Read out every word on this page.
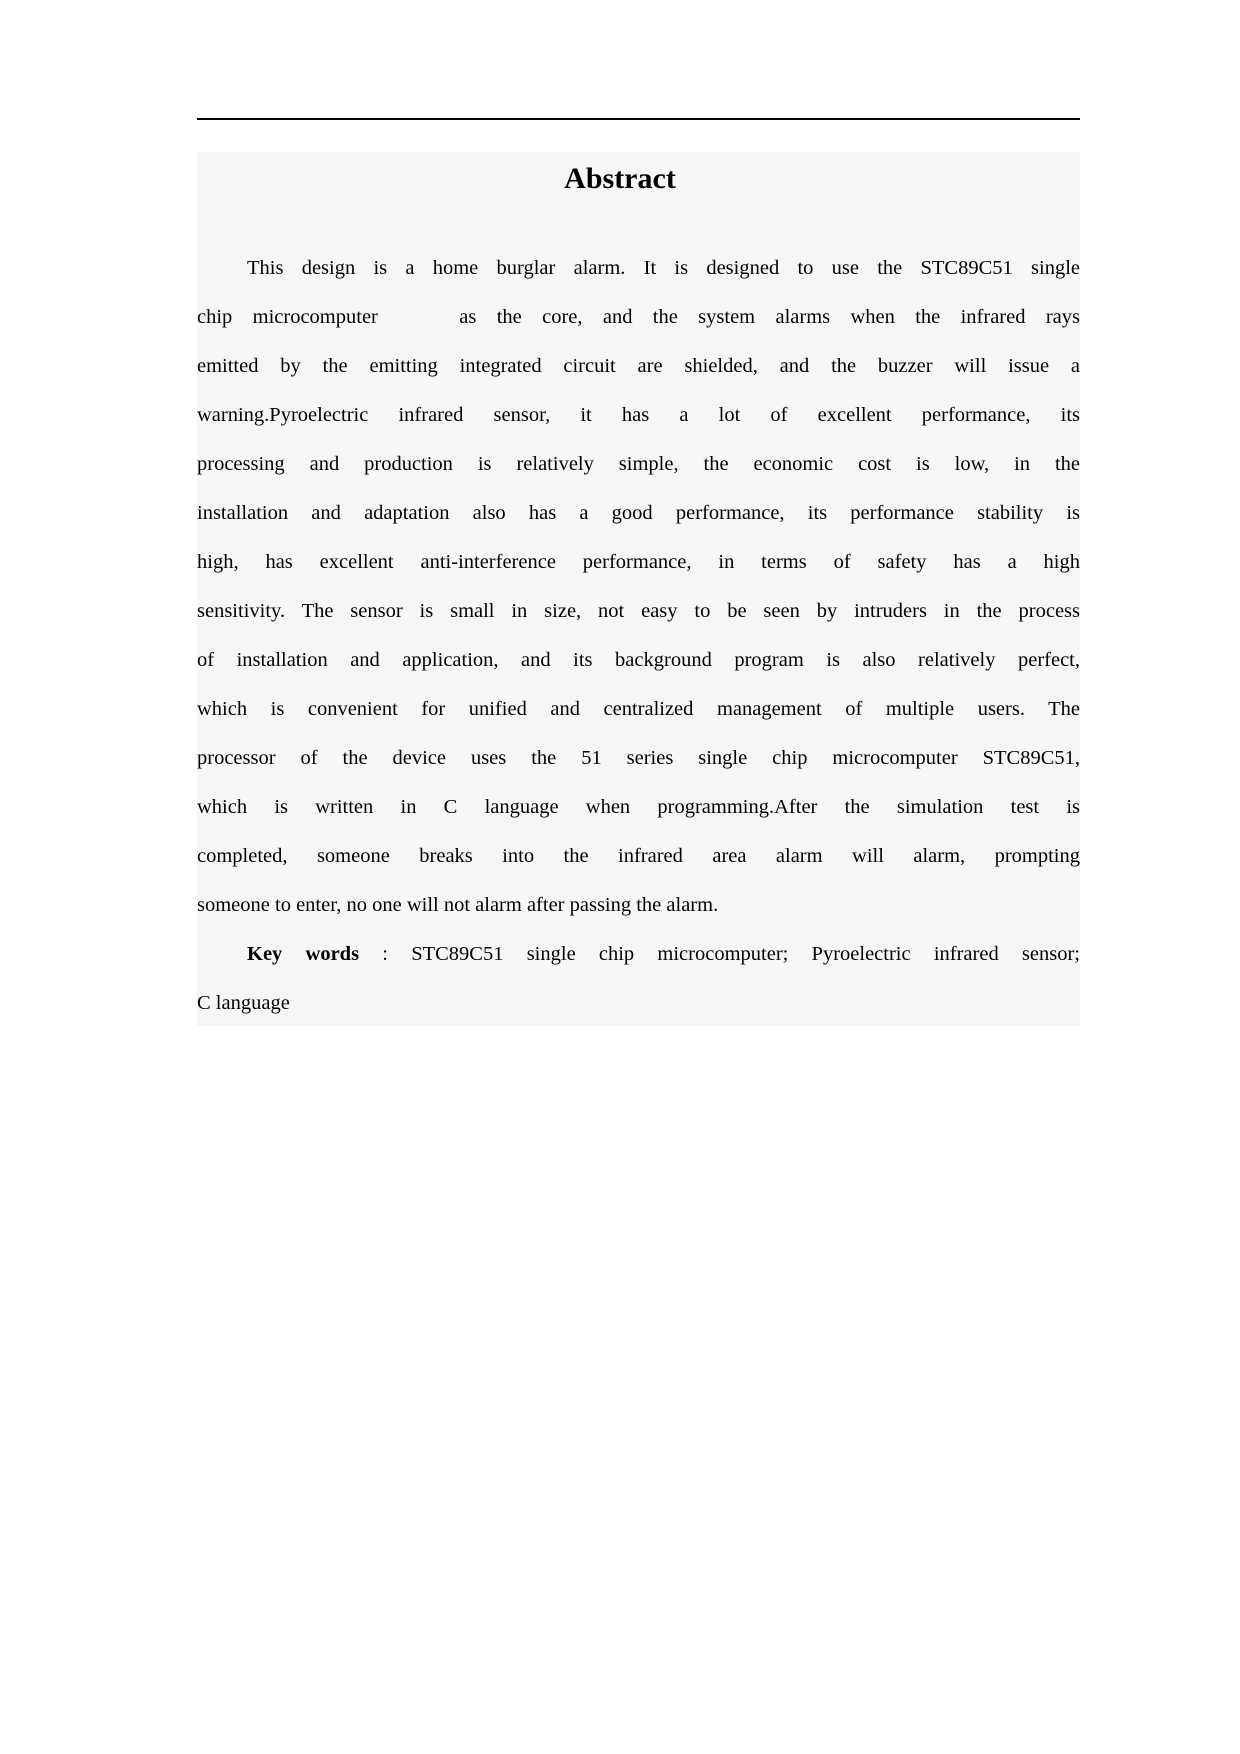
Abstract
This design is a home burglar alarm. It is designed to use the STC89C51 single
chip microcomputer    as the core, and the system alarms when the infrared rays
emitted by the emitting integrated circuit are shielded, and the buzzer will issue a
warning.Pyroelectric infrared sensor, it has a lot of excellent performance, its
processing and production is relatively simple, the economic cost is low, in the
installation and adaptation also has a good performance, its performance stability is
high, has excellent anti-interference performance, in terms of safety has a high
sensitivity. The sensor is small in size, not easy to be seen by intruders in the process
of installation and application, and its background program is also relatively perfect,
which is convenient for unified and centralized management of multiple users. The
processor of the device uses the 51 series single chip microcomputer STC89C51,
which is written in C language when programming.After the simulation test is
completed, someone breaks into the infrared area alarm will alarm, prompting
someone to enter, no one will not alarm after passing the alarm.
Key words : STC89C51 single chip microcomputer; Pyroelectric infrared sensor;
C language
